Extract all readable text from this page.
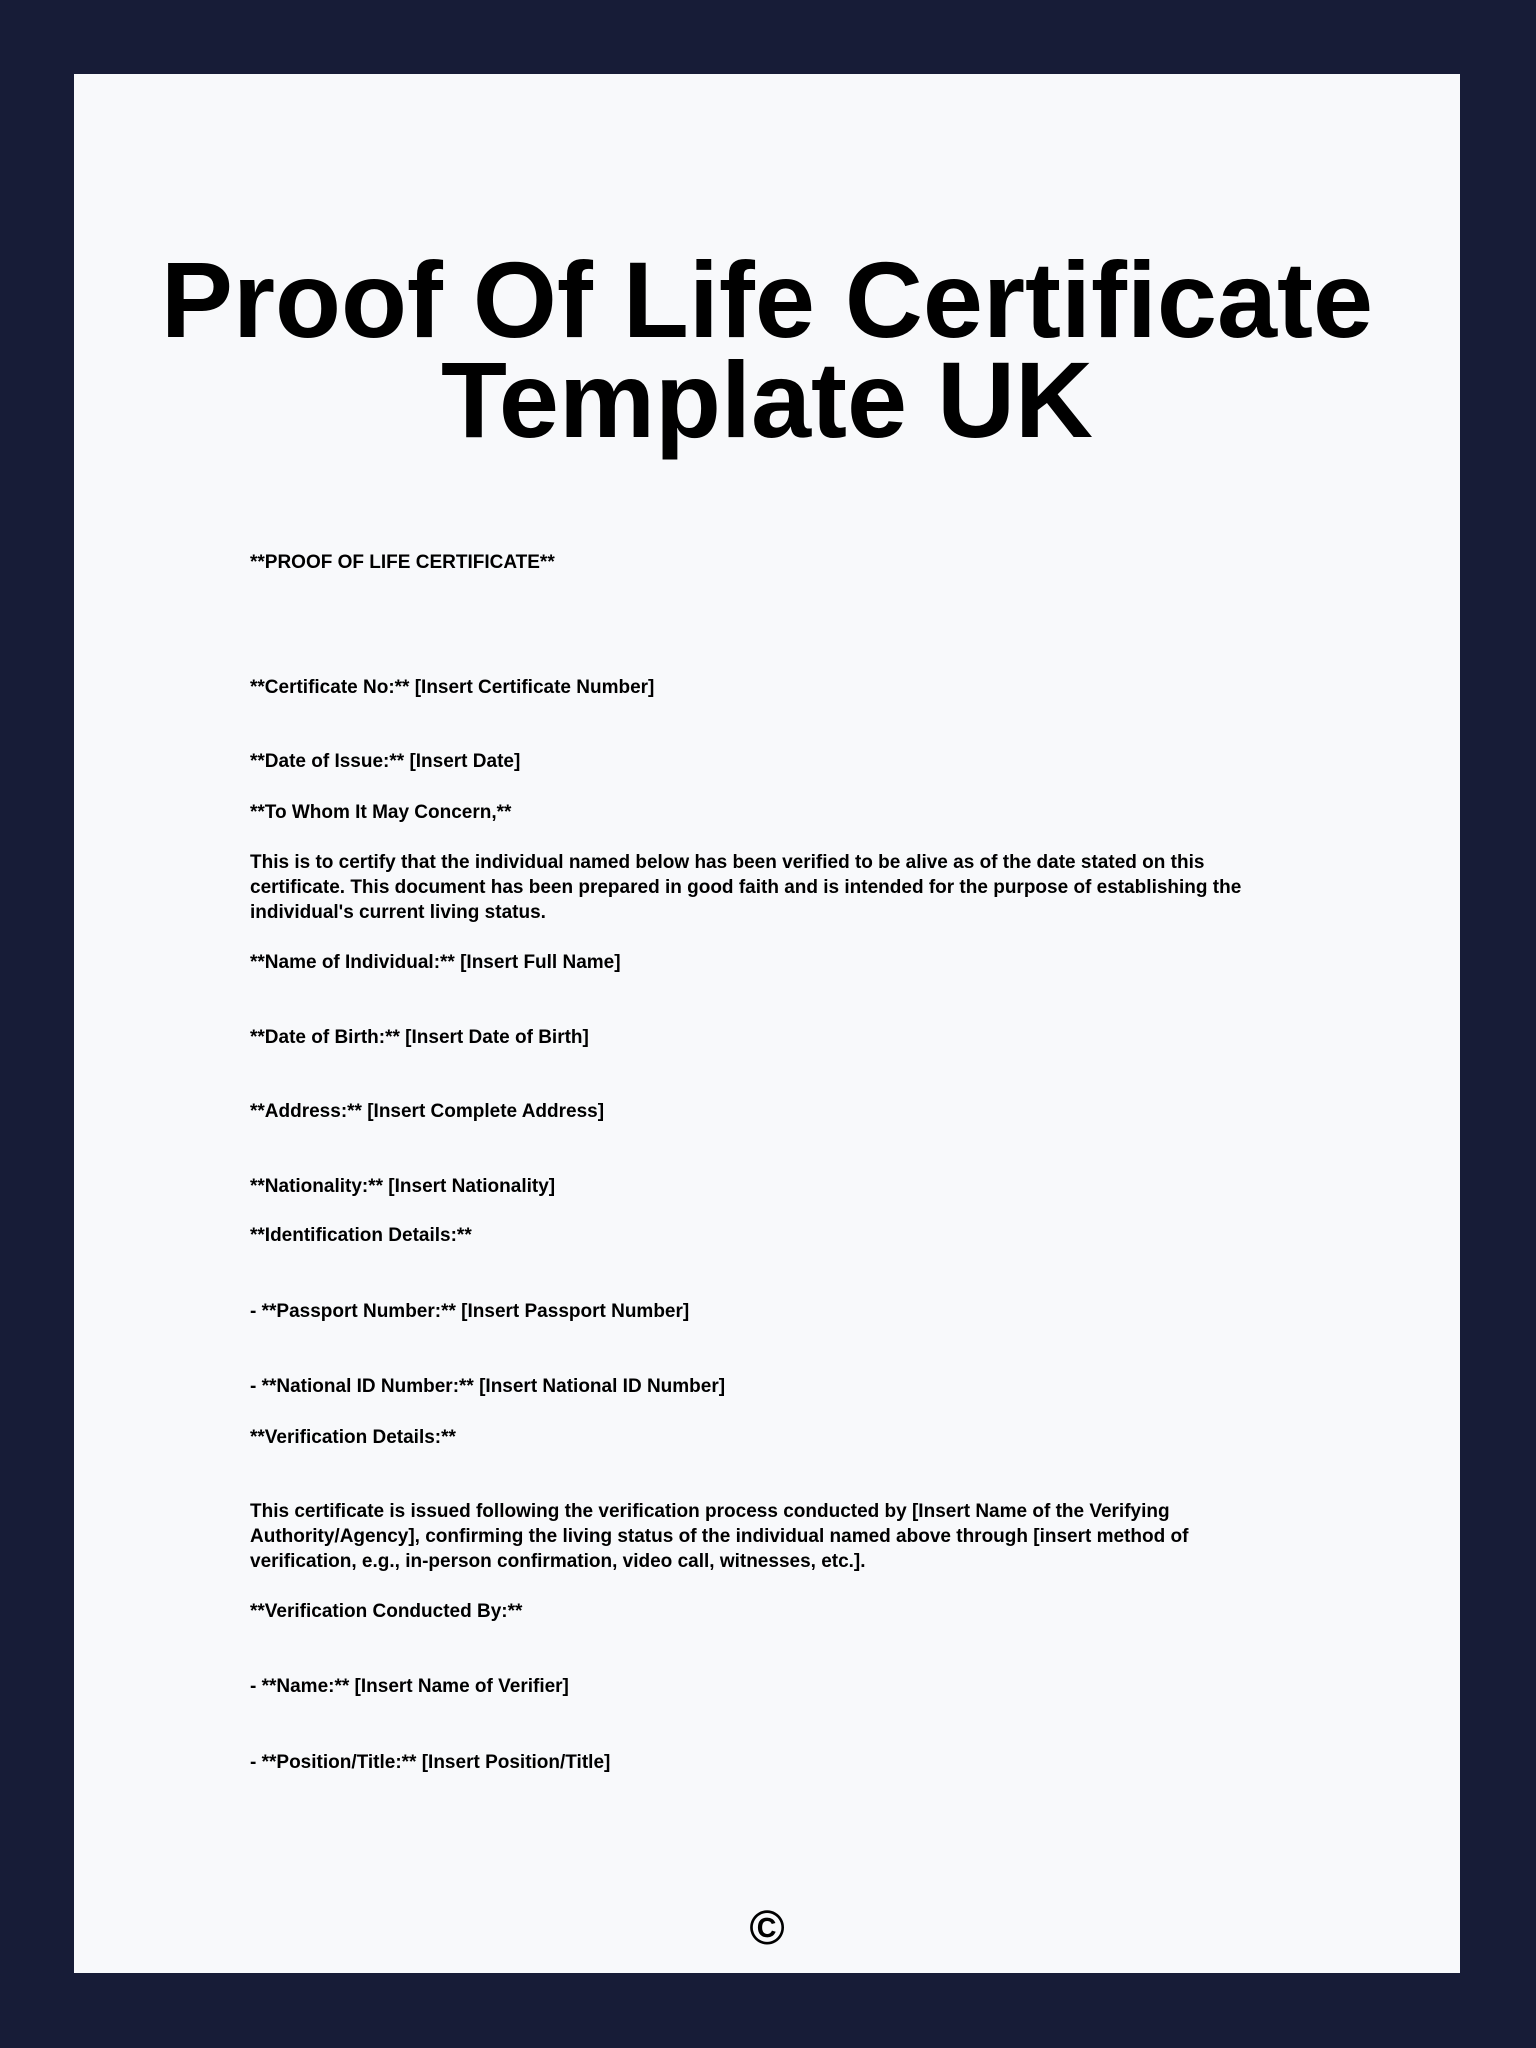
Proof Of Life Certificate Template UK

**PROOF OF LIFE CERTIFICATE**

**Certificate No:** [Insert Certificate Number]

**Date of Issue:** [Insert Date]

**To Whom It May Concern,**

This is to certify that the individual named below has been verified to be alive as of the date stated on this certificate. This document has been prepared in good faith and is intended for the purpose of establishing the individual's current living status.

**Name of Individual:** [Insert Full Name]

**Date of Birth:** [Insert Date of Birth]

**Address:** [Insert Complete Address]

**Nationality:** [Insert Nationality]

**Identification Details:**

- **Passport Number:** [Insert Passport Number]

- **National ID Number:** [Insert National ID Number]

**Verification Details:**

This certificate is issued following the verification process conducted by [Insert Name of the Verifying Authority/Agency], confirming the living status of the individual named above through [insert method of verification, e.g., in-person confirmation, video call, witnesses, etc.].

**Verification Conducted By:**

- **Name:** [Insert Name of Verifier]

- **Position/Title:** [Insert Position/Title]

©
